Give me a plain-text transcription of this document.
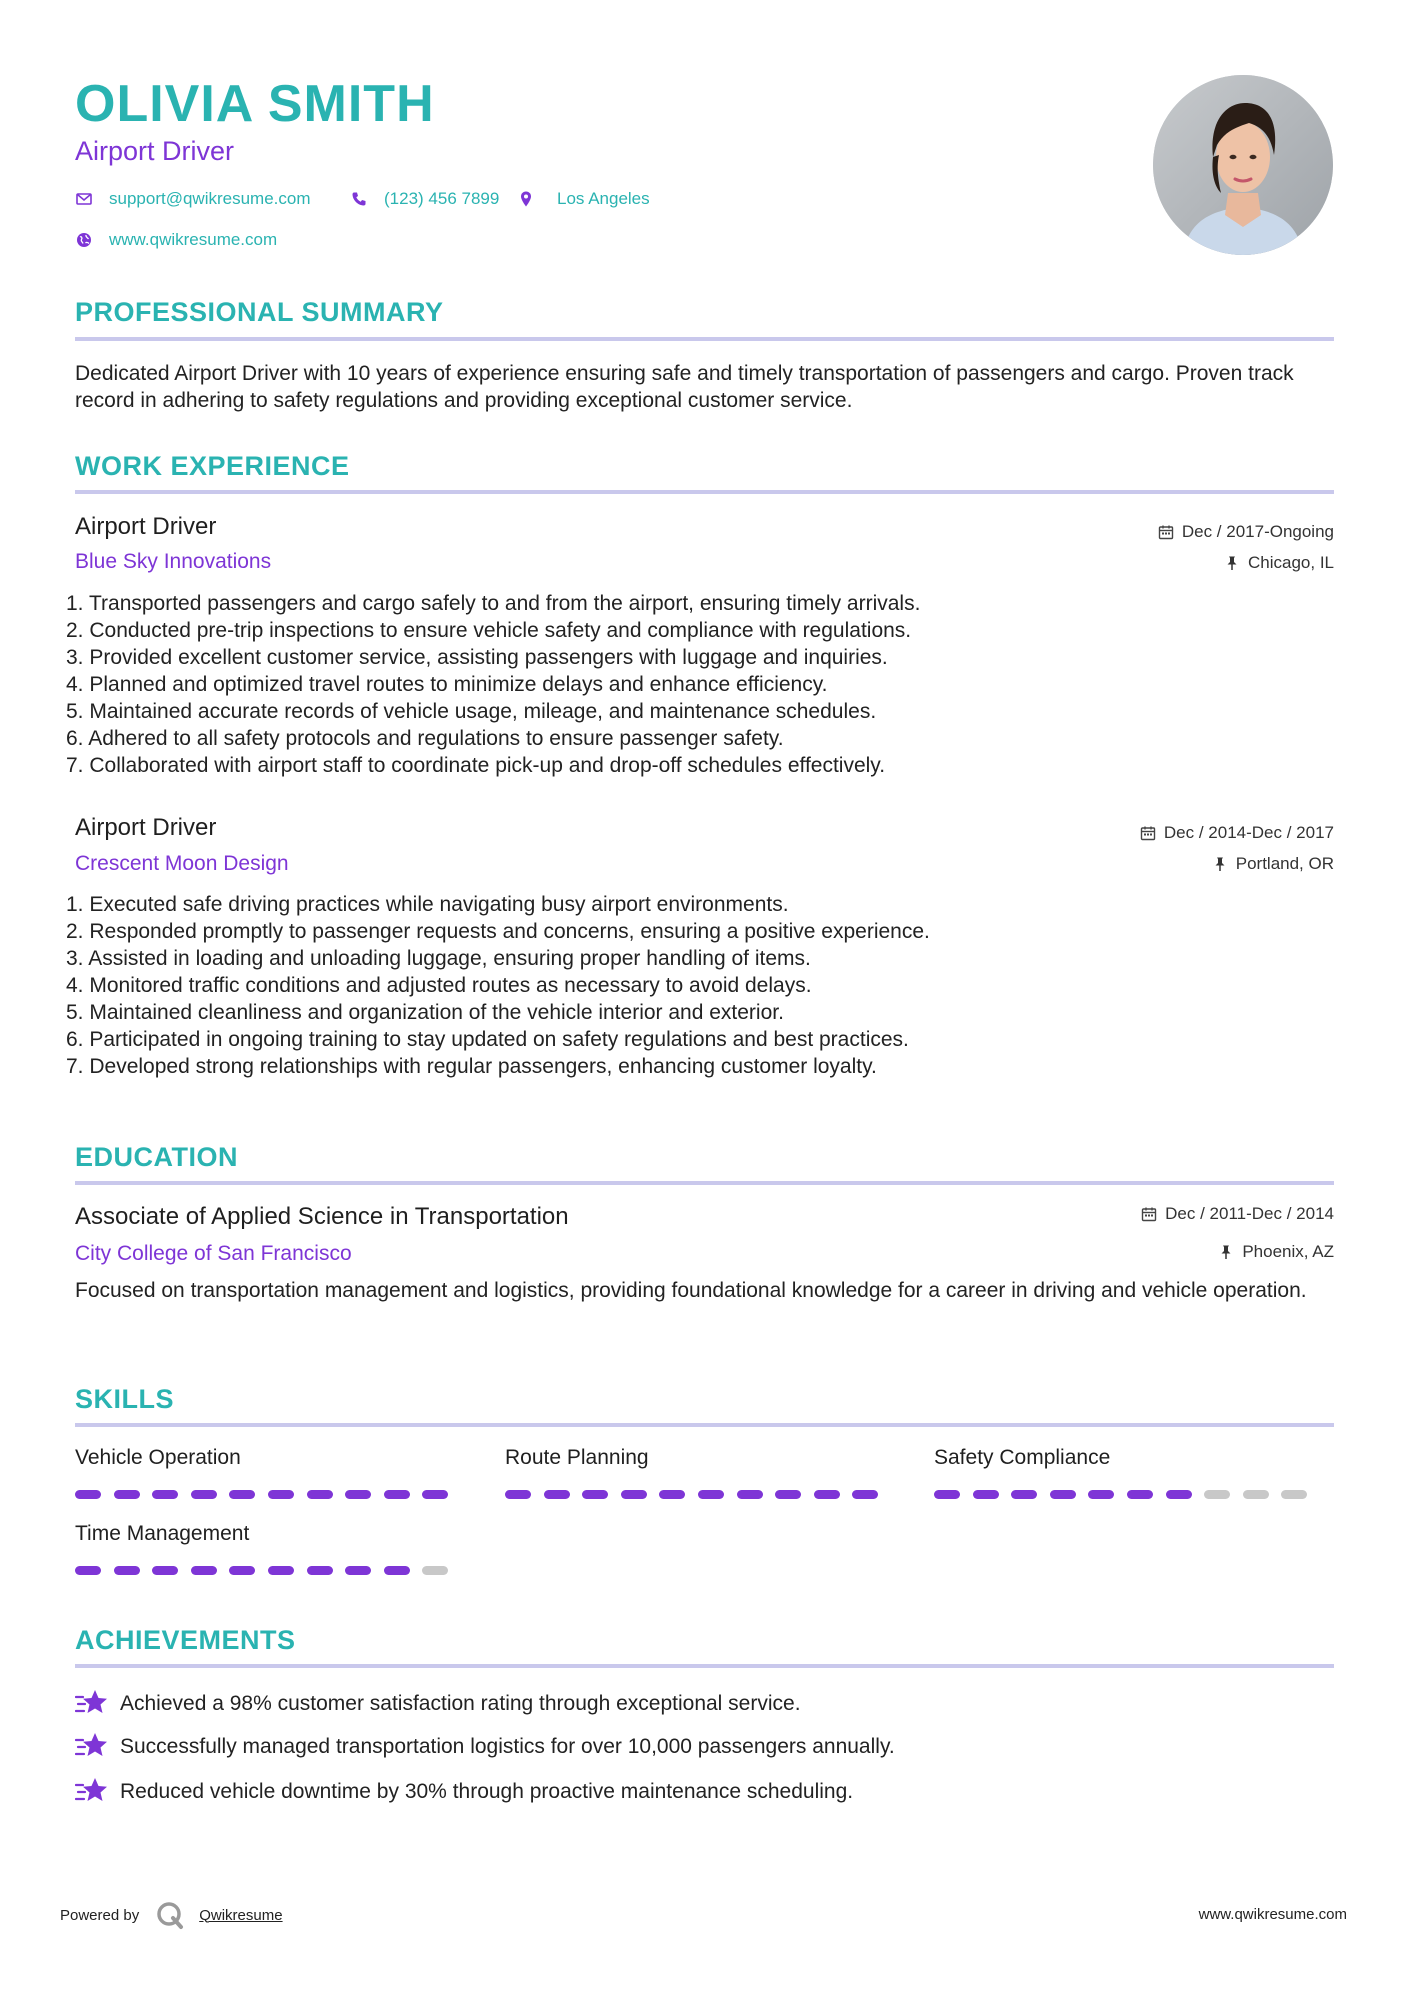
OLIVIA SMITH
Airport Driver
support@qwikresume.com	(123) 456 7899	Los Angeles
www.qwikresume.com
PROFESSIONAL SUMMARY
Dedicated Airport Driver with 10 years of experience ensuring safe and timely transportation of passengers and cargo. Proven track record in adhering to safety regulations and providing exceptional customer service.
WORK EXPERIENCE
Airport Driver
Blue Sky Innovations
Dec / 2017-Ongoing
Chicago, IL
1. Transported passengers and cargo safely to and from the airport, ensuring timely arrivals.
2. Conducted pre-trip inspections to ensure vehicle safety and compliance with regulations.
3. Provided excellent customer service, assisting passengers with luggage and inquiries.
4. Planned and optimized travel routes to minimize delays and enhance efficiency.
5. Maintained accurate records of vehicle usage, mileage, and maintenance schedules.
6. Adhered to all safety protocols and regulations to ensure passenger safety.
7. Collaborated with airport staff to coordinate pick-up and drop-off schedules effectively.
Airport Driver
Crescent Moon Design
Dec / 2014-Dec / 2017
Portland, OR
1. Executed safe driving practices while navigating busy airport environments.
2. Responded promptly to passenger requests and concerns, ensuring a positive experience.
3. Assisted in loading and unloading luggage, ensuring proper handling of items.
4. Monitored traffic conditions and adjusted routes as necessary to avoid delays.
5. Maintained cleanliness and organization of the vehicle interior and exterior.
6. Participated in ongoing training to stay updated on safety regulations and best practices.
7. Developed strong relationships with regular passengers, enhancing customer loyalty.
EDUCATION
Associate of Applied Science in Transportation
City College of San Francisco
Dec / 2011-Dec / 2014
Phoenix, AZ
Focused on transportation management and logistics, providing foundational knowledge for a career in driving and vehicle operation.
SKILLS
Vehicle Operation	Route Planning	Safety Compliance
Time Management
ACHIEVEMENTS
Achieved a 98% customer satisfaction rating through exceptional service.
Successfully managed transportation logistics for over 10,000 passengers annually.
Reduced vehicle downtime by 30% through proactive maintenance scheduling.
Powered by	Qwikresume	www.qwikresume.com
